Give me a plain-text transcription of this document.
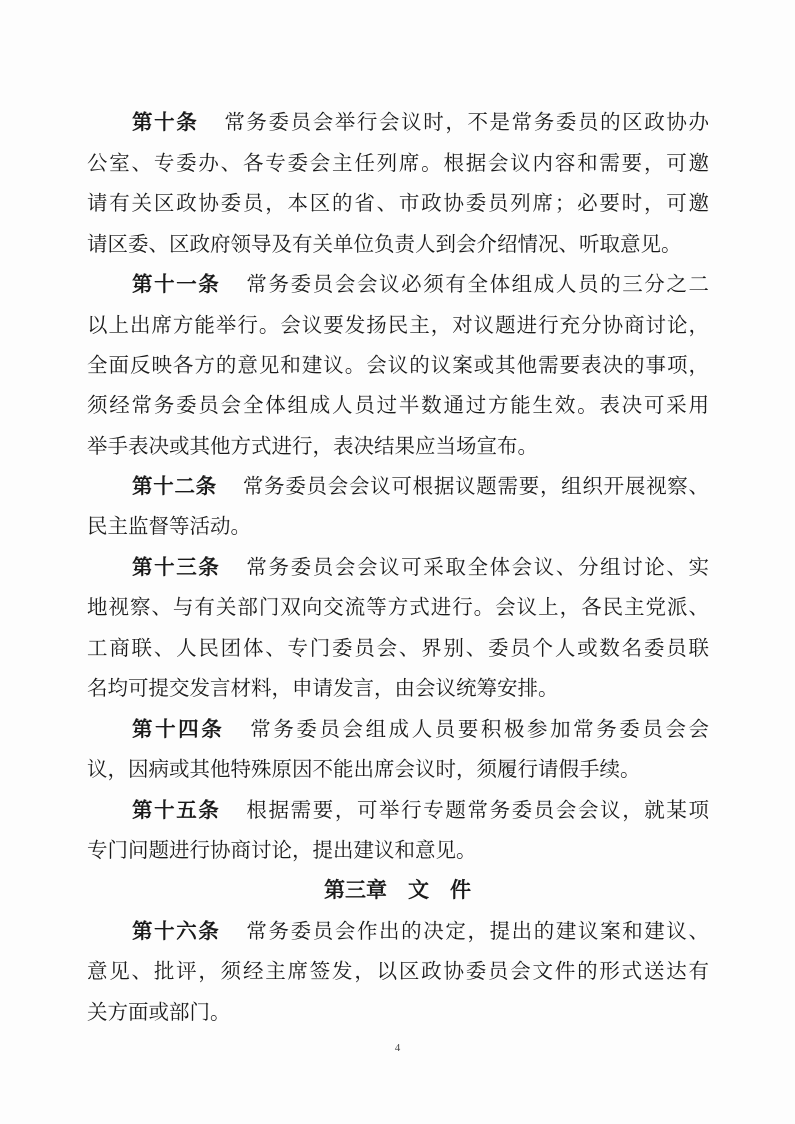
第十条 常务委员会举行会议时，不是常务委员的区政协办
公室、专委办、各专委会主任列席。根据会议内容和需要，可邀
请有关区政协委员，本区的省、市政协委员列席；必要时，可邀
请区委、区政府领导及有关单位负责人到会介绍情况、听取意见。
第十一条 常务委员会会议必须有全体组成人员的三分之二
以上出席方能举行。会议要发扬民主，对议题进行充分协商讨论，
全面反映各方的意见和建议。会议的议案或其他需要表决的事项，
须经常务委员会全体组成人员过半数通过方能生效。表决可采用
举手表决或其他方式进行，表决结果应当场宣布。
第十二条 常务委员会会议可根据议题需要，组织开展视察、
民主监督等活动。
第十三条 常务委员会会议可采取全体会议、分组讨论、实
地视察、与有关部门双向交流等方式进行。会议上，各民主党派、
工商联、人民团体、专门委员会、界别、委员个人或数名委员联
名均可提交发言材料，申请发言，由会议统筹安排。
第十四条 常务委员会组成人员要积极参加常务委员会会
议，因病或其他特殊原因不能出席会议时，须履行请假手续。
第十五条 根据需要，可举行专题常务委员会会议，就某项
专门问题进行协商讨论，提出建议和意见。
第三章　文　件
第十六条 常务委员会作出的决定，提出的建议案和建议、
意见、批评，须经主席签发，以区政协委员会文件的形式送达有
关方面或部门。
4
